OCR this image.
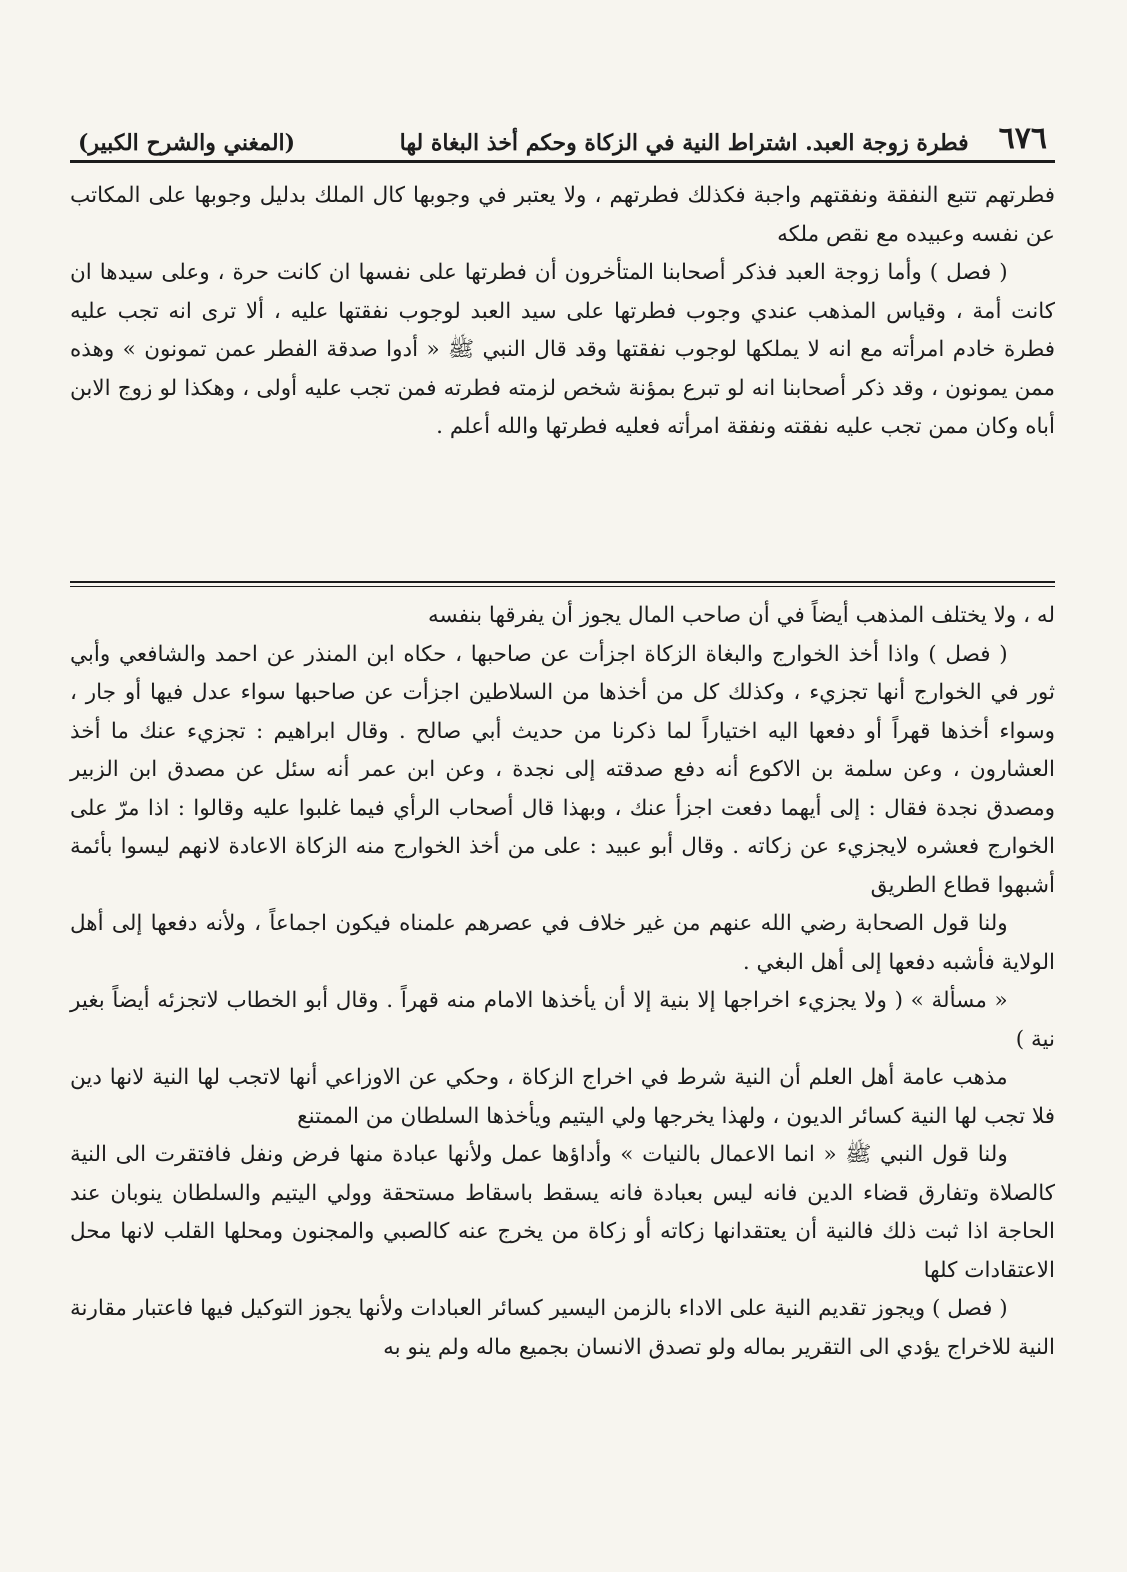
٦٧٦
فطرة زوجة العبد. اشتراط النية في الزكاة وحكم أخذ البغاة لها
(المغني والشرح الكبير)

فطرتهم تتبع النفقة ونفقتهم واجبة فكذلك فطرتهم ، ولا يعتبر في وجوبها كال الملك بدليل وجوبها على المكاتب عن نفسه وعبيده مع نقص ملكه

( فصل ) وأما زوجة العبد فذكر أصحابنا المتأخرون أن فطرتها على نفسها ان كانت حرة ، وعلى سيدها ان كانت أمة ، وقياس المذهب عندي وجوب فطرتها على سيد العبد لوجوب نفقتها عليه ، ألا ترى انه تجب عليه فطرة خادم امرأته مع انه لا يملكها لوجوب نفقتها وقد قال النبي ﷺ « أدوا صدقة الفطر عمن تمونون » وهذه ممن يمونون ، وقد ذكر أصحابنا انه لو تبرع بمؤنة شخص لزمته فطرته فمن تجب عليه أولى ، وهكذا لو زوج الابن أباه وكان ممن تجب عليه نفقته ونفقة امرأته فعليه فطرتها والله أعلم .

له ، ولا يختلف المذهب أيضاً في أن صاحب المال يجوز أن يفرقها بنفسه

( فصل ) واذا أخذ الخوارج والبغاة الزكاة اجزأت عن صاحبها ، حكاه ابن المنذر عن احمد والشافعي وأبي ثور في الخوارج أنها تجزيء ، وكذلك كل من أخذها من السلاطين اجزأت عن صاحبها سواء عدل فيها أو جار ، وسواء أخذها قهراً أو دفعها اليه اختياراً لما ذكرنا من حديث أبي صالح . وقال ابراهيم : تجزيء عنك ما أخذ العشارون ، وعن سلمة بن الاكوع أنه دفع صدقته إلى نجدة ، وعن ابن عمر أنه سئل عن مصدق ابن الزبير ومصدق نجدة فقال : إلى أيهما دفعت اجزأ عنك ، وبهذا قال أصحاب الرأي فيما غلبوا عليه وقالوا : اذا مرّ على الخوارج فعشره لايجزيء عن زكاته . وقال أبو عبيد : على من أخذ الخوارج منه الزكاة الاعادة لانهم ليسوا بأئمة أشبهوا قطاع الطريق

ولنا قول الصحابة رضي الله عنهم من غير خلاف في عصرهم علمناه فيكون اجماعاً ، ولأنه دفعها إلى أهل الولاية فأشبه دفعها إلى أهل البغي .

« مسألة » ( ولا يجزيء اخراجها إلا بنية إلا أن يأخذها الامام منه قهراً . وقال أبو الخطاب لاتجزئه أيضاً بغير نية )

مذهب عامة أهل العلم أن النية شرط في اخراج الزكاة ، وحكي عن الاوزاعي أنها لاتجب لها النية لانها دين فلا تجب لها النية كسائر الديون ، ولهذا يخرجها ولي اليتيم ويأخذها السلطان من الممتنع

ولنا قول النبي ﷺ « انما الاعمال بالنيات » وأداؤها عمل ولأنها عبادة منها فرض ونفل فافتقرت الى النية كالصلاة وتفارق قضاء الدين فانه ليس بعبادة فانه يسقط باسقاط مستحقة وولي اليتيم والسلطان ينوبان عند الحاجة اذا ثبت ذلك فالنية أن يعتقدانها زكاته أو زكاة من يخرج عنه كالصبي والمجنون ومحلها القلب لانها محل الاعتقادات كلها

( فصل ) ويجوز تقديم النية على الاداء بالزمن اليسير كسائر العبادات ولأنها يجوز التوكيل فيها فاعتبار مقارنة النية للاخراج يؤدي الى التقرير بماله ولو تصدق الانسان بجميع ماله ولم ينو به
